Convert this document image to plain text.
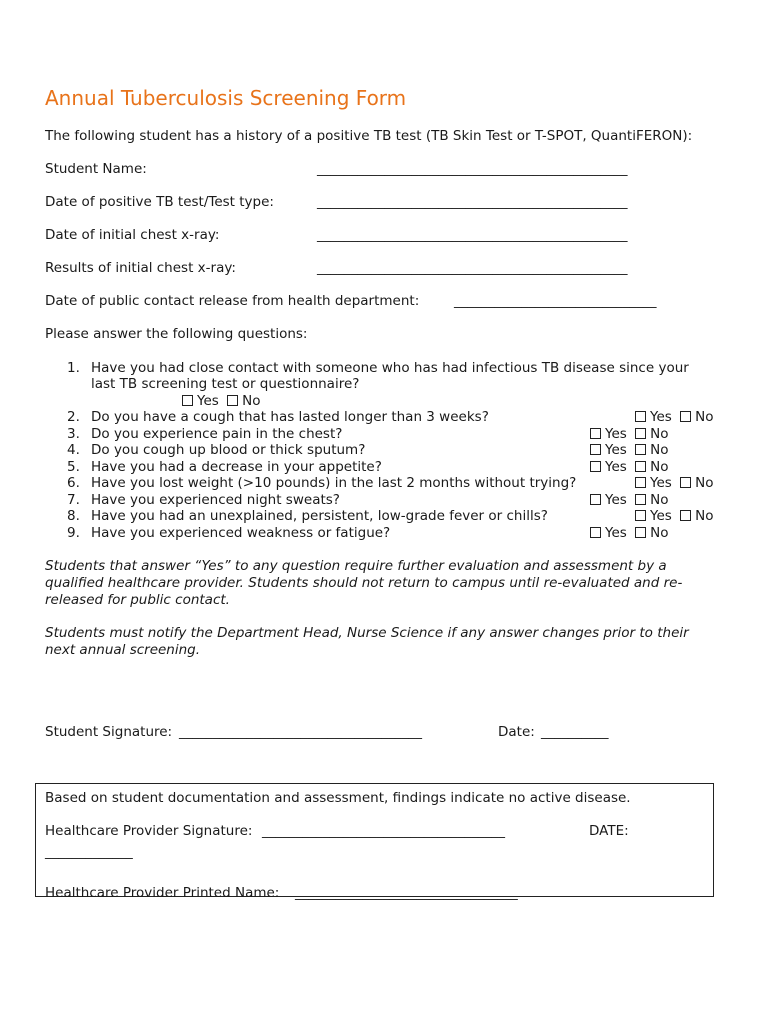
Annual Tuberculosis Screening Form
The following student has a history of a positive TB test (TB Skin Test or T-SPOT, QuantiFERON):
Student Name:	______________________________________________
Date of positive TB test/Test type:	______________________________________________
Date of initial chest x-ray:	______________________________________________
Results of initial chest x-ray:	______________________________________________
Date of public contact release from health department:	______________________________
Please answer the following questions:
1. Have you had close contact with someone who has had infectious TB disease since your
last TB screening test or questionnaire?
Yes No
2. Do you have a cough that has lasted longer than 3 weeks?	Yes No
3. Do you experience pain in the chest?	Yes No
4. Do you cough up blood or thick sputum?	Yes No
5. Have you had a decrease in your appetite?	Yes No
6. Have you lost weight (>10 pounds) in the last 2 months without trying?	Yes No
7. Have you experienced night sweats?	Yes No
8. Have you had an unexplained, persistent, low-grade fever or chills?	Yes No
9. Have you experienced weakness or fatigue?	Yes No
Students that answer “Yes” to any question require further evaluation and assessment by a qualified healthcare provider. Students should not return to campus until re-evaluated and re-released for public contact.
Students must notify the Department Head, Nurse Science if any answer changes prior to their next annual screening.
Student Signature: ____________________________________	Date: __________
Based on student documentation and assessment, findings indicate no active disease.
Healthcare Provider Signature: ____________________________________	DATE:
_____________
Healthcare Provider Printed Name: _________________________________
